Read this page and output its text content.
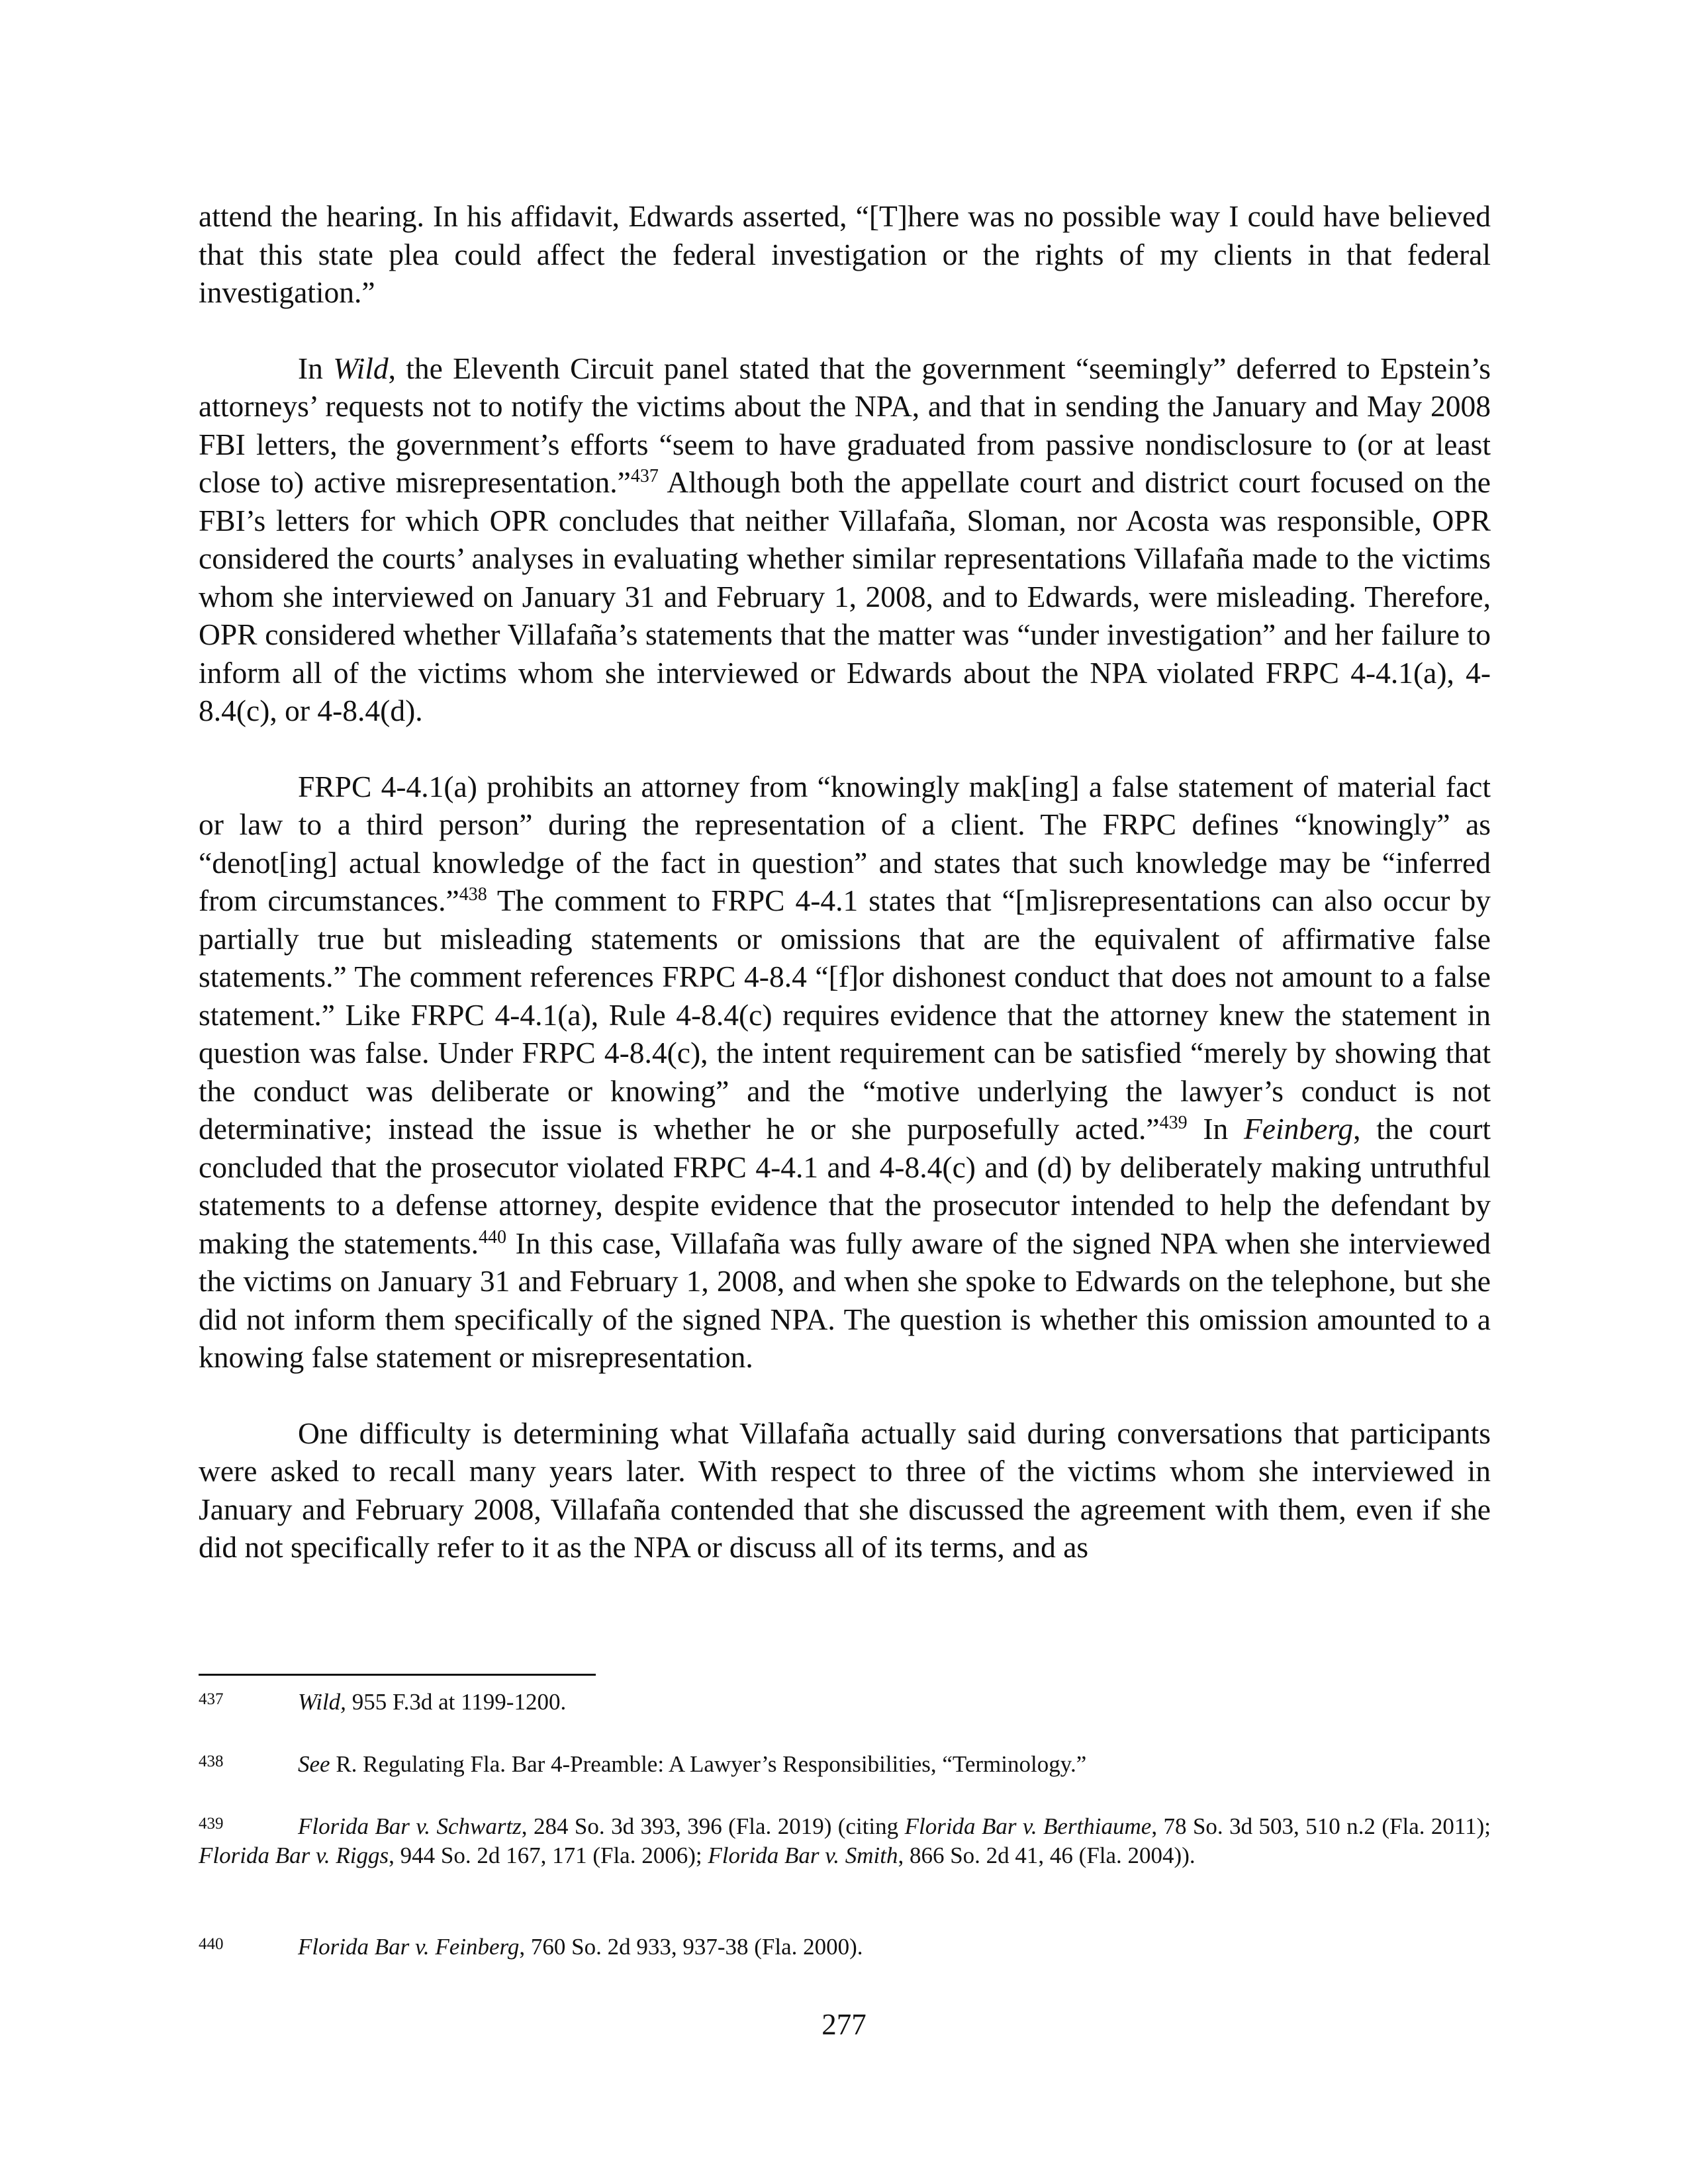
attend the hearing. In his affidavit, Edwards asserted, “[T]here was no possible way I could have believed that this state plea could affect the federal investigation or the rights of my clients in that federal investigation.”

In Wild, the Eleventh Circuit panel stated that the government “seemingly” deferred to Epstein’s attorneys’ requests not to notify the victims about the NPA, and that in sending the January and May 2008 FBI letters, the government’s efforts “seem to have graduated from passive nondisclosure to (or at least close to) active misrepresentation.”$^{437}$ Although both the appellate court and district court focused on the FBI’s letters for which OPR concludes that neither Villafaña, Sloman, nor Acosta was responsible, OPR considered the courts’ analyses in evaluating whether similar representations Villafaña made to the victims whom she interviewed on January 31 and February 1, 2008, and to Edwards, were misleading. Therefore, OPR considered whether Villafaña’s statements that the matter was “under investigation” and her failure to inform all of the victims whom she interviewed or Edwards about the NPA violated FRPC 4-4.1(a), 4-8.4(c), or 4-8.4(d).

FRPC 4-4.1(a) prohibits an attorney from “knowingly mak[ing] a false statement of material fact or law to a third person” during the representation of a client. The FRPC defines “knowingly” as “denot[ing] actual knowledge of the fact in question” and states that such knowledge may be “inferred from circumstances.”$^{438}$ The comment to FRPC 4-4.1 states that “[m]isrepresentations can also occur by partially true but misleading statements or omissions that are the equivalent of affirmative false statements.” The comment references FRPC 4-8.4 “[f]or dishonest conduct that does not amount to a false statement.” Like FRPC 4-4.1(a), Rule 4-8.4(c) requires evidence that the attorney knew the statement in question was false. Under FRPC 4-8.4(c), the intent requirement can be satisfied “merely by showing that the conduct was deliberate or knowing” and the “motive underlying the lawyer’s conduct is not determinative; instead the issue is whether he or she purposefully acted.”$^{439}$ In Feinberg, the court concluded that the prosecutor violated FRPC 4-4.1 and 4-8.4(c) and (d) by deliberately making untruthful statements to a defense attorney, despite evidence that the prosecutor intended to help the defendant by making the statements.$^{440}$ In this case, Villafaña was fully aware of the signed NPA when she interviewed the victims on January 31 and February 1, 2008, and when she spoke to Edwards on the telephone, but she did not inform them specifically of the signed NPA. The question is whether this omission amounted to a knowing false statement or misrepresentation.

One difficulty is determining what Villafaña actually said during conversations that participants were asked to recall many years later. With respect to three of the victims whom she interviewed in January and February 2008, Villafaña contended that she discussed the agreement with them, even if she did not specifically refer to it as the NPA or discuss all of its terms, and as

437	Wild, 955 F.3d at 1199-1200.
438	See R. Regulating Fla. Bar 4-Preamble: A Lawyer’s Responsibilities, “Terminology.”
439	Florida Bar v. Schwartz, 284 So. 3d 393, 396 (Fla. 2019) (citing Florida Bar v. Berthiaume, 78 So. 3d 503, 510 n.2 (Fla. 2011); Florida Bar v. Riggs, 944 So. 2d 167, 171 (Fla. 2006); Florida Bar v. Smith, 866 So. 2d 41, 46 (Fla. 2004)).
440	Florida Bar v. Feinberg, 760 So. 2d 933, 937-38 (Fla. 2000).
277
